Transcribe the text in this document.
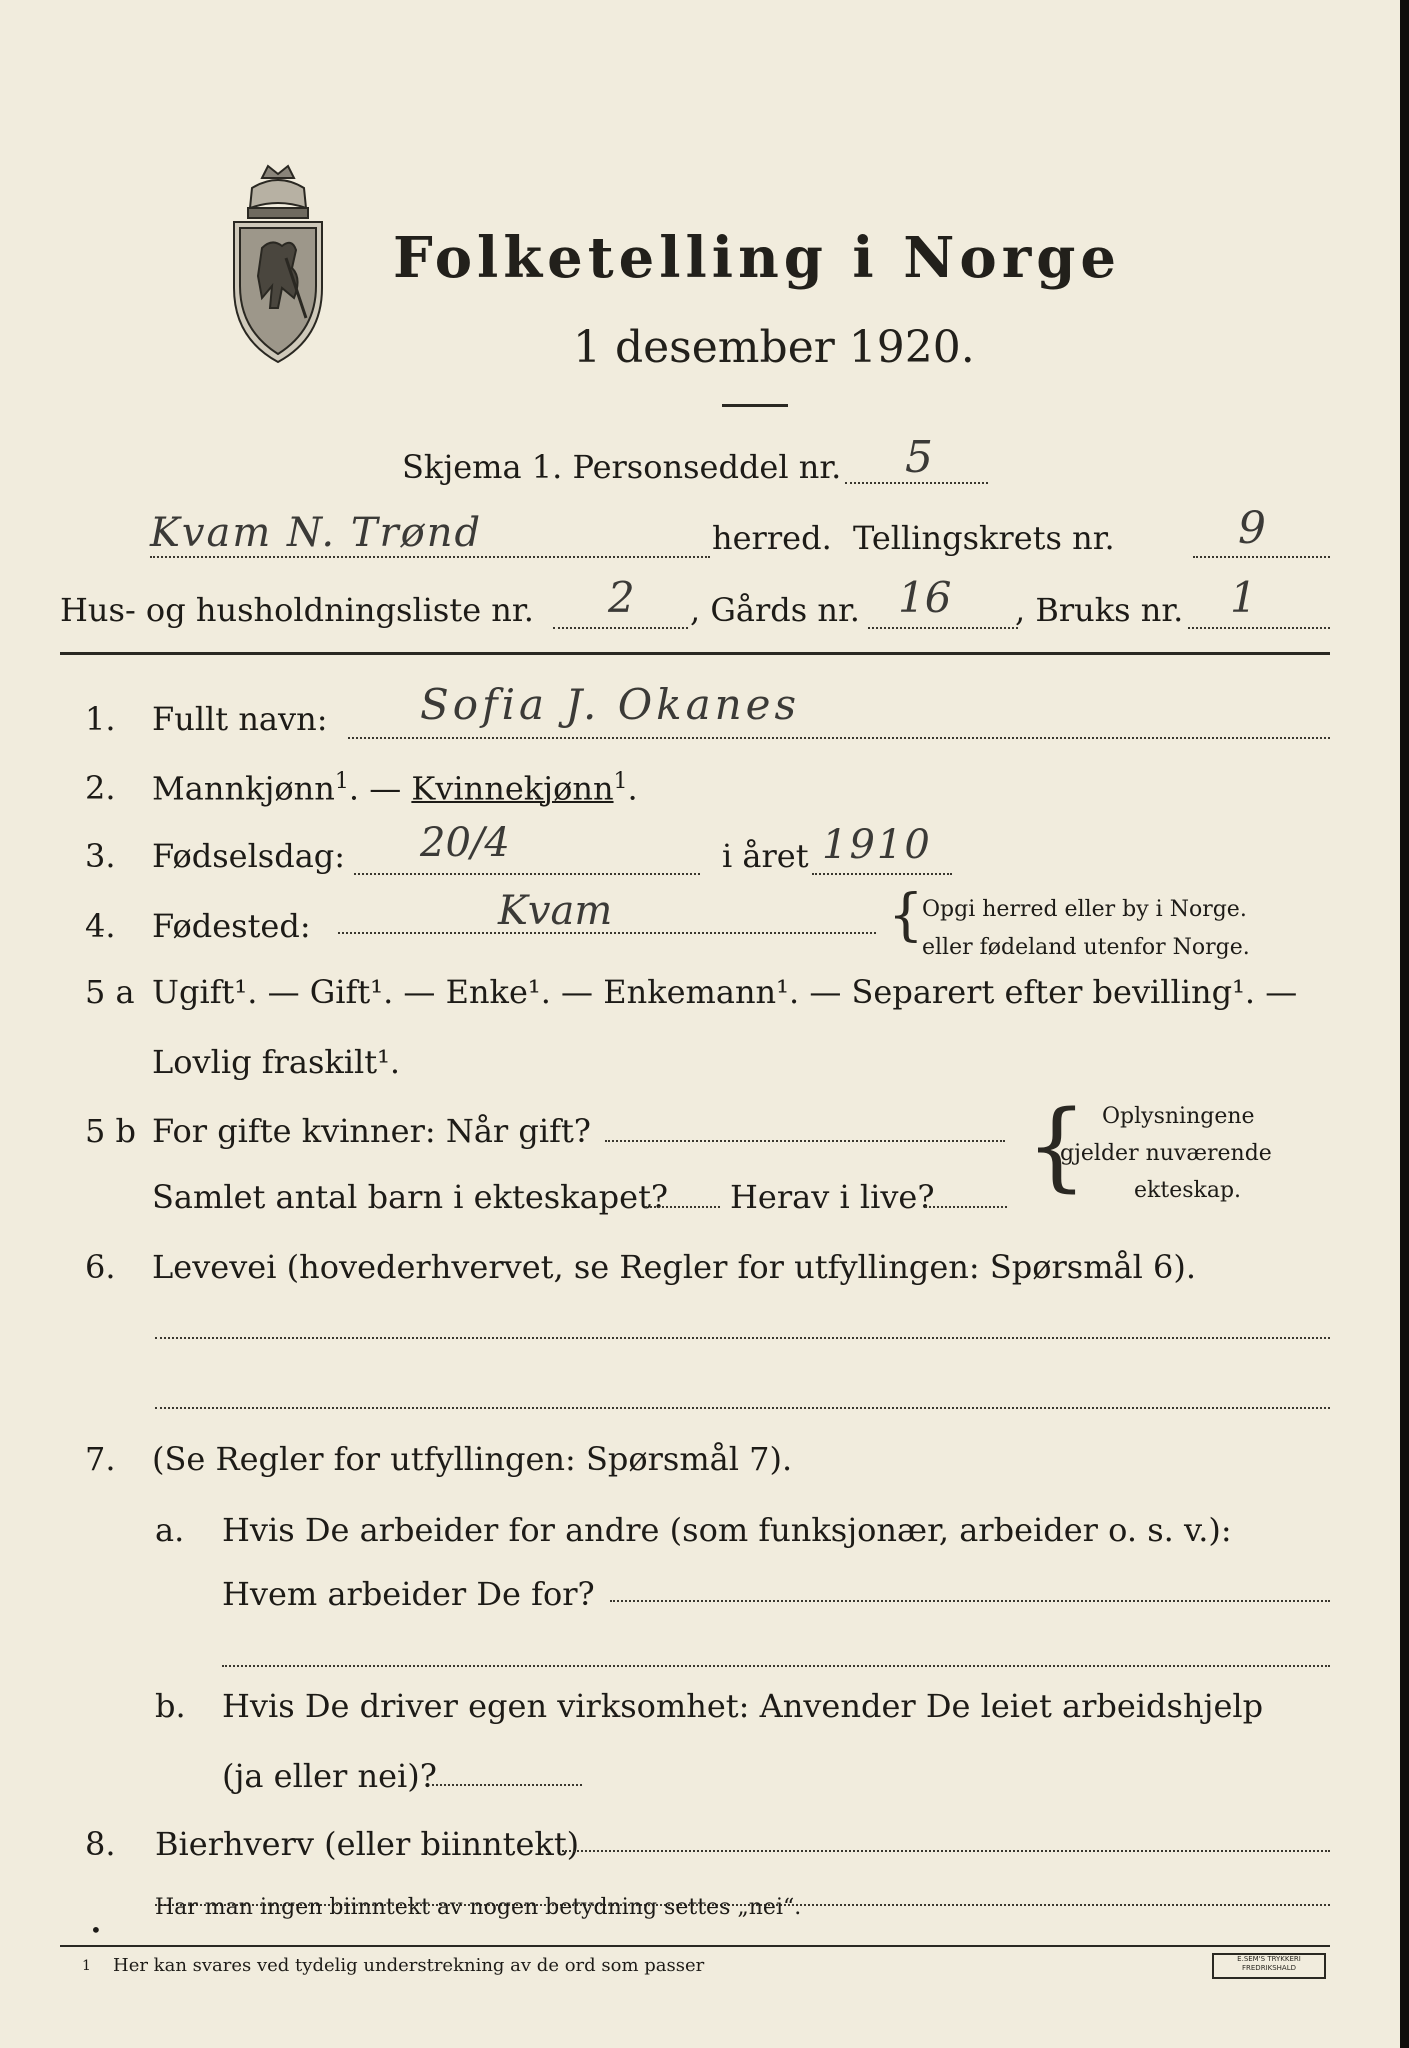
Folketelling i Norge
1 desember 1920.
Skjema 1. Personseddel nr. 5
Kvam N. Trønd	herred. Tellingskrets nr.	9
Hus- og husholdningsliste nr. 2 , Gårds nr. 16 , Bruks nr. 1
1. Fullt navn: Sofia J. Okanes
2. Mannkjønn$^1$. — Kvinnekjønn$^1$.
3. Fødselsdag: 20/4	i året 1910
4. Fødested:	Kvam	{
Opgi herred eller by i Norge.
eller fødeland utenfor Norge.
5 a Ugift¹. — Gift¹. — Enke¹. — Enkemann¹. — Separert efter bevilling¹. —
Lovlig fraskilt¹.
5 b For gifte kvinner: Når gift?
Samlet antal barn i ekteskapet? Herav i live? { Oplysningene
gjelder nuværende
ekteskap.
6. Levevei (hovederhvervet, se Regler for utfyllingen: Spørsmål 6).
7. (Se Regler for utfyllingen: Spørsmål 7).
a. Hvis De arbeider for andre (som funksjonær, arbeider o. s. v.):
Hvem arbeider De for?
b. Hvis De driver egen virksomhet: Anvender De leiet arbeidshjelp
(ja eller nei)?
8. Bierhverv (eller biinntekt)
•
Har man ingen biinntekt av nogen betydning settes „nei“.
1 Her kan svares ved tydelig understrekning av de ord som passer	E.SEM'S TRYKKERI
FREDRIKSHALD
